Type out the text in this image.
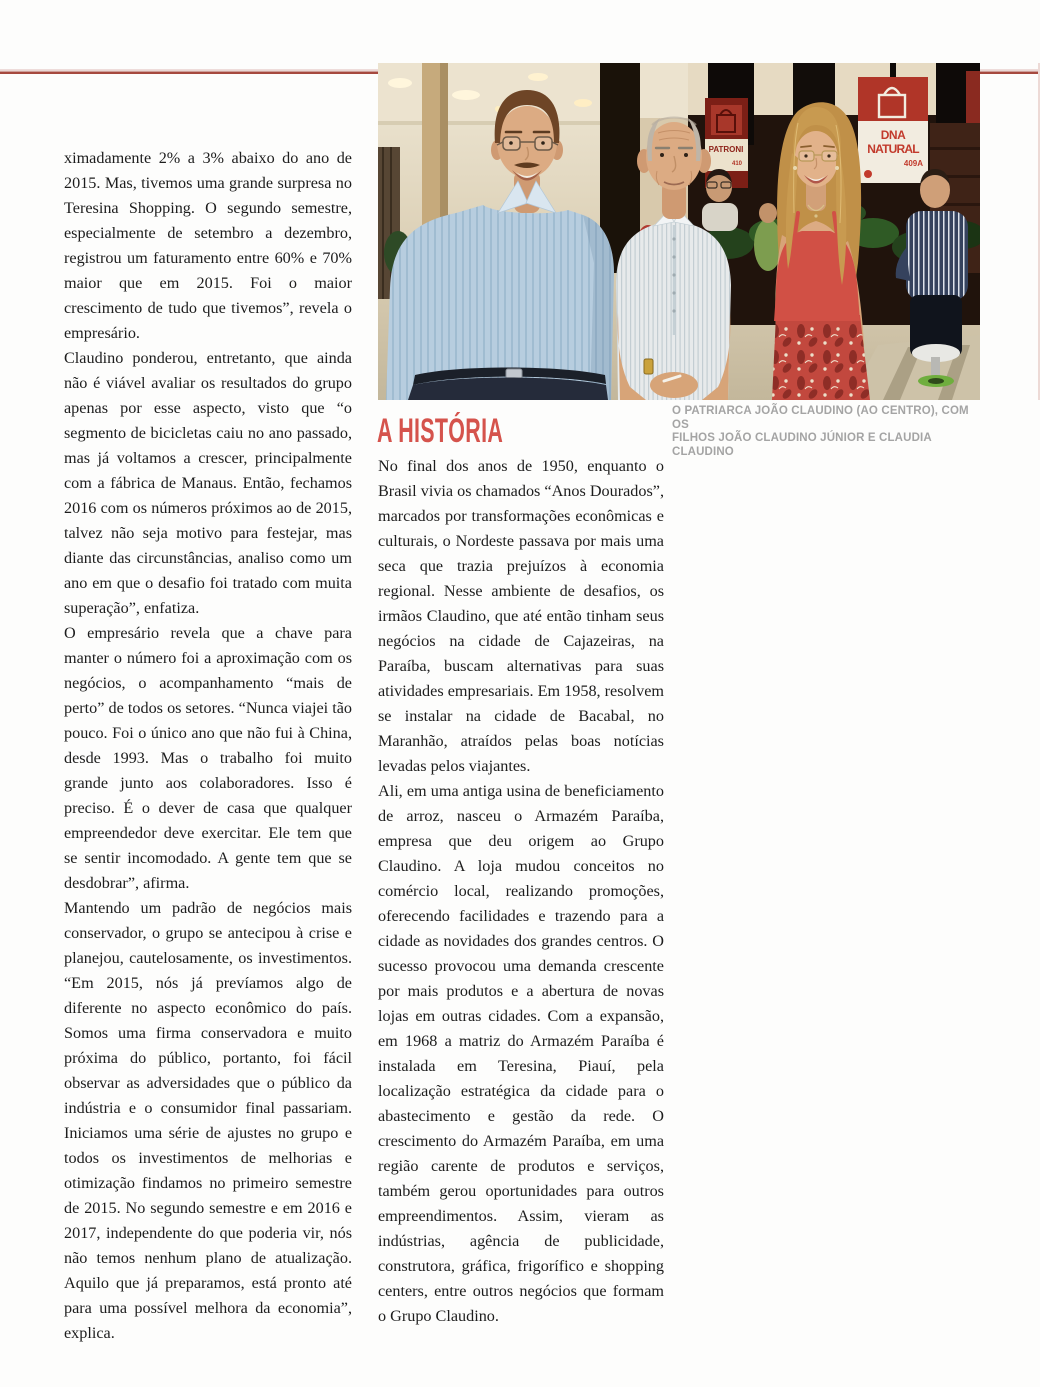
PATRONI
410
DNA
NATURAL
409A
O PATRIARCA JOÃO CLAUDINO (AO CENTRO), COM OS
FILHOS JOÃO CLAUDINO JÚNIOR E CLAUDIA CLAUDINO

ximadamente 2% a 3% abaixo do ano de 2015. Mas, tivemos uma grande surpresa no Teresina Shopping. O segundo semestre, especialmente de setembro a dezembro, registrou um faturamento entre 60% e 70% maior que em 2015. Foi o maior crescimento de tudo que tivemos”, revela o empresário.

Claudino ponderou, entretanto, que ainda não é viável avaliar os resultados do grupo apenas por esse aspecto, visto que “o segmento de bicicletas caiu no ano passado, mas já voltamos a crescer, principalmente com a fábrica de Manaus. Então, fechamos 2016 com os números próximos ao de 2015, talvez não seja motivo para festejar, mas diante das circunstâncias, analiso como um ano em que o desafio foi tratado com muita superação”, enfatiza.

O empresário revela que a chave para manter o número foi a aproximação com os negócios, o acompanhamento “mais de perto” de todos os setores. “Nunca viajei tão pouco. Foi o único ano que não fui à China, desde 1993. Mas o trabalho foi muito grande junto aos colaboradores. Isso é preciso. É o dever de casa que qualquer empreendedor deve exercitar. Ele tem que se sentir incomodado. A gente tem que se desdobrar”, afirma.

Mantendo um padrão de negócios mais conservador, o grupo se antecipou à crise e planejou, cautelosamente, os investimentos. “Em 2015, nós já prevíamos algo de diferente no aspecto econômico do país. Somos uma firma conservadora e muito próxima do público, portanto, foi fácil observar as adversidades que o público da indústria e o consumidor final passariam. Iniciamos uma série de ajustes no grupo e todos os investimentos de melhorias e otimização findamos no primeiro semestre de 2015. No segundo semestre e em 2016 e 2017, independente do que poderia vir, nós não temos nenhum plano de atualização. Aquilo que já preparamos, está pronto até para uma possível melhora da economia”, explica.

A HISTÓRIA

No final dos anos de 1950, enquanto o Brasil vivia os chamados “Anos Dourados”, marcados por transformações econômicas e culturais, o Nordeste passava por mais uma seca que trazia prejuízos à economia regional. Nesse ambiente de desafios, os irmãos Claudino, que até então tinham seus negócios na cidade de Cajazeiras, na Paraíba, buscam alternativas para suas atividades empresariais. Em 1958, resolvem se instalar na cidade de Bacabal, no Maranhão, atraídos pelas boas notícias levadas pelos viajantes.

Ali, em uma antiga usina de beneficiamento de arroz, nasceu o Armazém Paraíba, empresa que deu origem ao Grupo Claudino. A loja mudou conceitos no comércio local, realizando promoções, oferecendo facilidades e trazendo para a cidade as novidades dos grandes centros. O sucesso provocou uma demanda crescente por mais produtos e a abertura de novas lojas em outras cidades. Com a expansão, em 1968 a matriz do Armazém Paraíba é instalada em Teresina, Piauí, pela localização estratégica da cidade para o abastecimento e gestão da rede. O crescimento do Armazém Paraíba, em uma região carente de produtos e serviços, também gerou oportunidades para outros empreendimentos. Assim, vieram as indústrias, agência de publicidade, construtora, gráfica, frigorífico e shopping centers, entre outros negócios que formam o Grupo Claudino.
